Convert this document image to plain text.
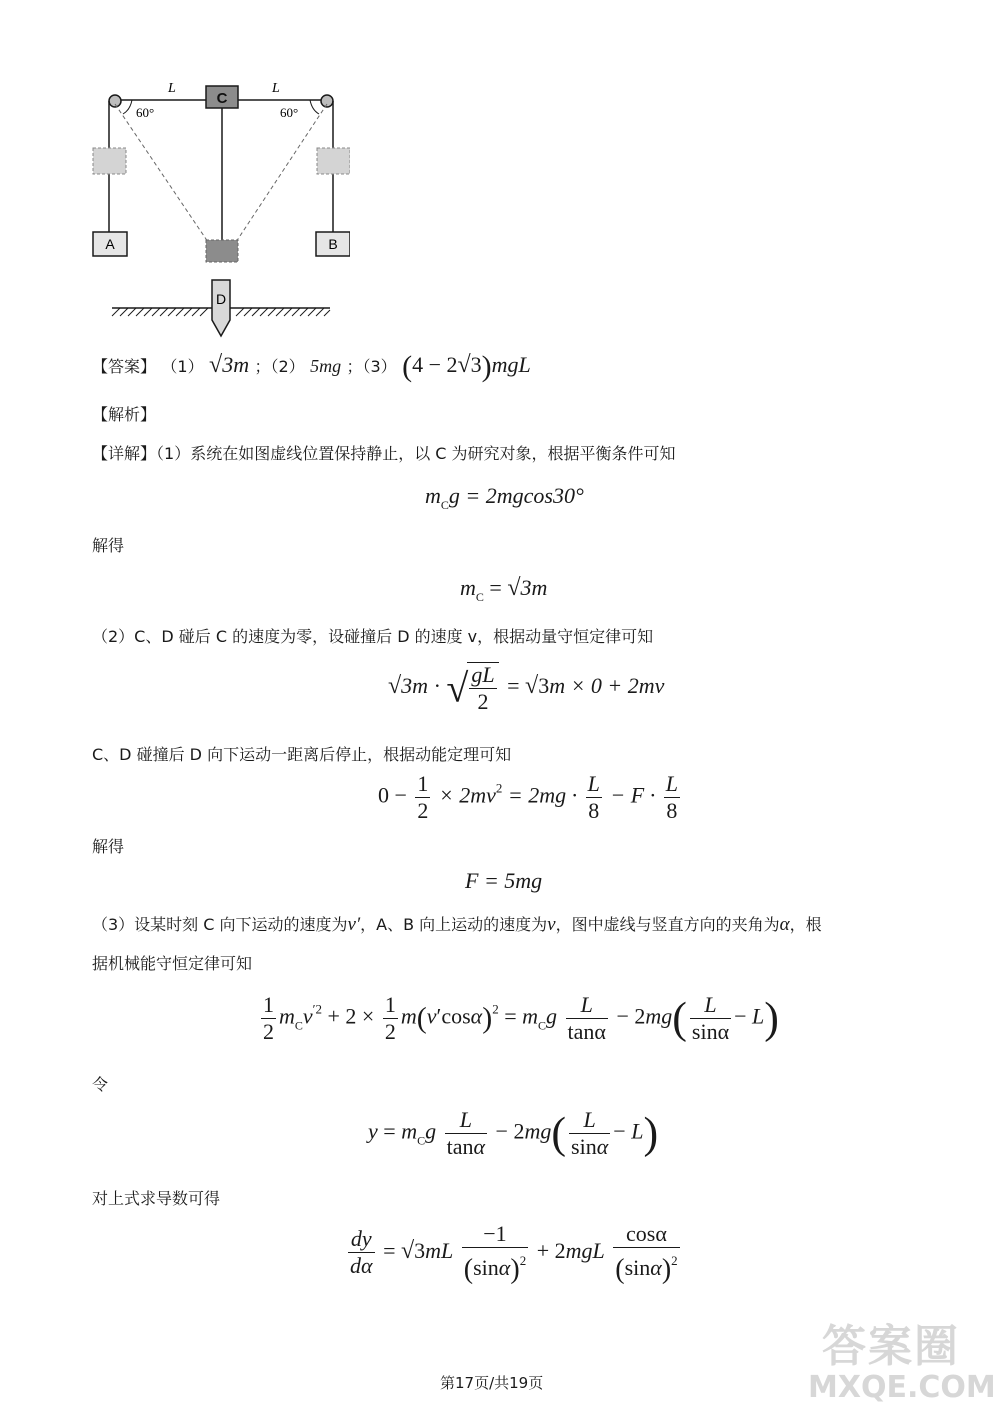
C
L	L
60°	60°
A	B
D
【答案】 （1） √3m ；（2） 5mg ；（3） (4 − 2√3)mgL
【解析】
【详解】（1）系统在如图虚线位置保持静止，以 C 为研究对象，根据平衡条件可知
$m_Cg = 2mgcos30^\circ$
解得
$m_C = √3m$
（2）C、D 碰后 C 的速度为零，设碰撞后 D 的速度 v，根据动量守恒定律可知
√3m · √ $\frac{gL}{2} = √3m \times 0 + 2mv$
C、D 碰撞后 D 向下运动一距离后停止，根据动能定理可知
$0 - \frac{1}{2} \times 2mv^2 = 2mg \cdot \frac{L}{8} - F \cdot \frac{L}{8}$
解得
F = 5mg
（3）设某时刻 C 向下运动的速度为v′，A、B 向上运动的速度为v，图中虚线与竖直方向的夹角为α，根
据机械能守恒定律可知
$\frac{1}{2} m_Cv^{'2} + 2 \times \frac{1}{2} m(v'\cos\alpha)^2 = m_Cg \frac{L}{\tan\alpha} - 2mg( \frac{L}{\sin\alpha} - L)$
令
$y = m_Cg \frac{L}{\tan\alpha} - 2mg( \frac{L}{\sin\alpha} - L)$
对上式求导数可得
$\frac{dy}{d\alpha} = √3mL \frac{-1}{(\sin\alpha)^2} + 2mgL \frac{\cos\alpha}{(\sin\alpha)^2}$
第17页/共19页
答案圈
MXQE.COM
